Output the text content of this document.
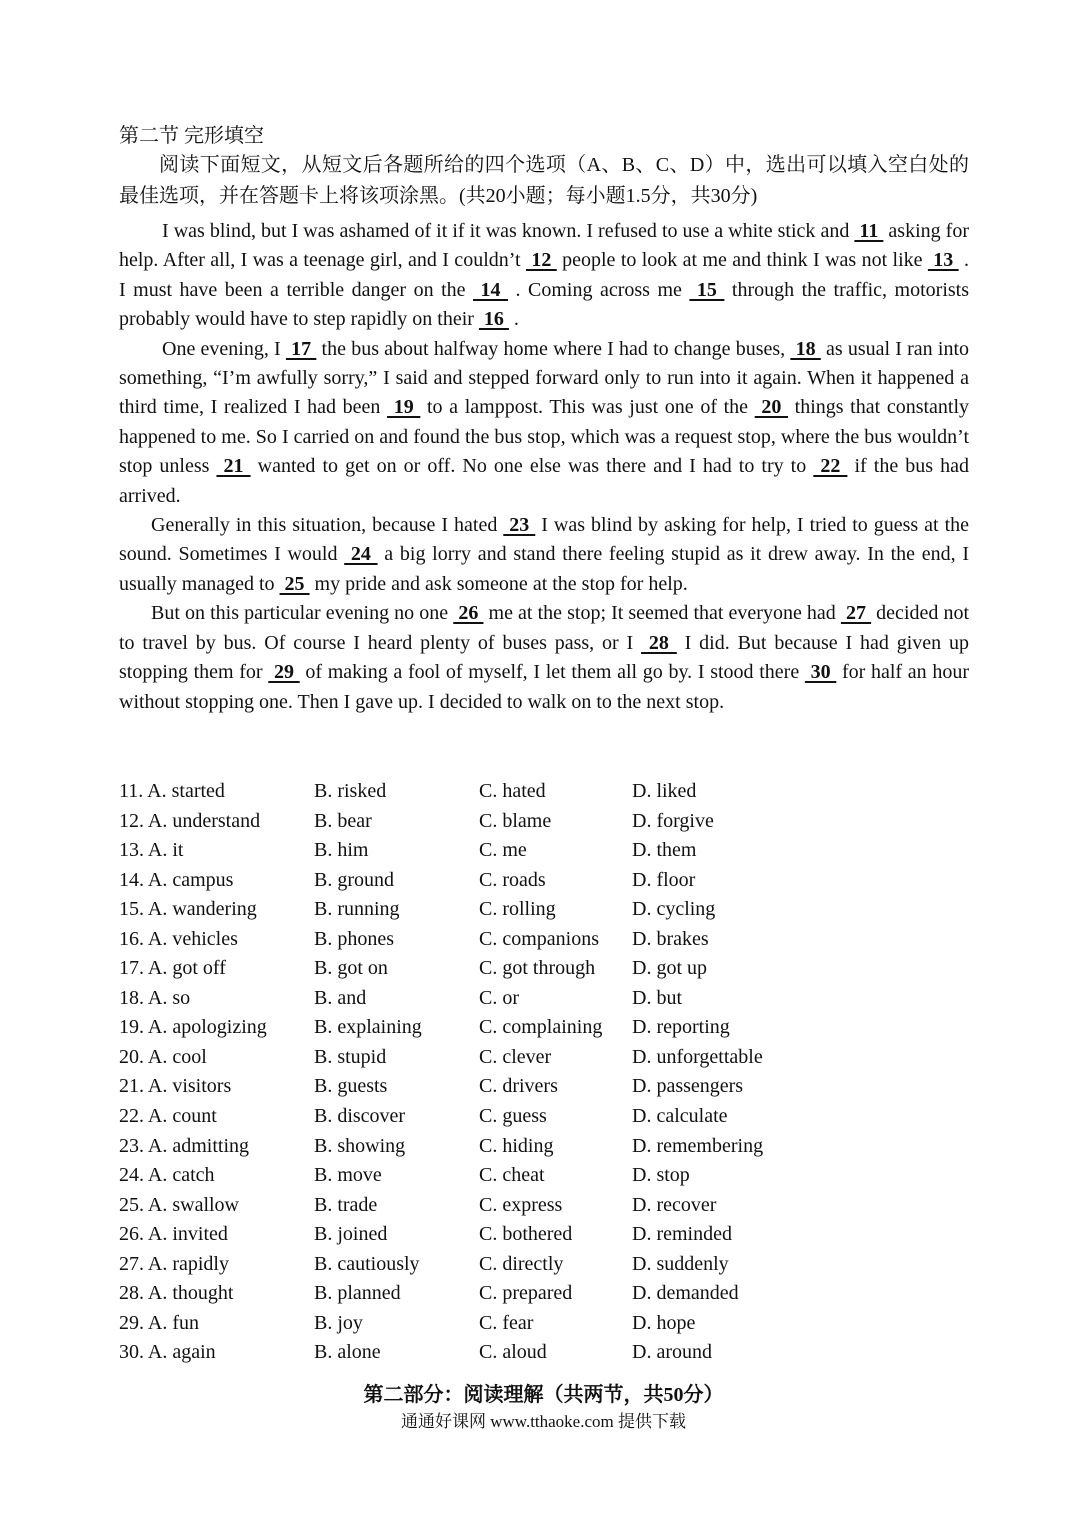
第二节 完形填空
阅读下面短文，从短文后各题所给的四个选项（A、B、C、D）中，选出可以填入空白处的最佳选项，并在答题卡上将该项涂黑。(共20小题；每小题1.5分，共30分)

I was blind, but I was ashamed of it if it was known. I refused to use a white stick and  11  asking for help. After all, I was a teenage girl, and I couldn’t  12  people to look at me and think I was not like  13  . I must have been a terrible danger on the  14  . Coming across me  15  through the traffic, motorists probably would have to step rapidly on their  16  .

One evening, I  17  the bus about halfway home where I had to change buses,  18  as usual I ran into something, “I’m awfully sorry,” I said and stepped forward only to run into it again. When it happened a third time, I realized I had been  19  to a lamppost. This was just one of the  20  things that constantly happened to me. So I carried on and found the bus stop, which was a request stop, where the bus wouldn’t stop unless  21  wanted to get on or off. No one else was there and I had to try to  22  if the bus had arrived.

Generally in this situation, because I hated  23  I was blind by asking for help, I tried to guess at the sound. Sometimes I would  24  a big lorry and stand there feeling stupid as it drew away. In the end, I usually managed to  25  my pride and ask someone at the stop for help.

But on this particular evening no one  26  me at the stop; It seemed that everyone had  27  decided not to travel by bus. Of course I heard plenty of buses pass, or I  28  I did. But because I had given up stopping them for  29  of making a fool of myself, I let them all go by. I stood there  30  for half an hour without stopping one. Then I gave up. I decided to walk on to the next stop.

11. A. started	B. risked	C. hated	D. liked
12. A. understand	B. bear	C. blame	D. forgive
13. A. it	B. him	C. me	D. them
14. A. campus	B. ground	C. roads	D. floor
15. A. wandering	B. running	C. rolling	D. cycling
16. A. vehicles	B. phones	C. companions D. brakes
17. A. got off	B. got on	C. got through D. got up
18. A. so	B. and	C. or	D. but
19. A. apologizing B. explaining	C. complaining D. reporting
20. A. cool	B. stupid	C. clever	D. unforgettable
21. A. visitors	B. guests	C. drivers	D. passengers
22. A. count	B. discover	C. guess	D. calculate
23. A. admitting	B. showing	C. hiding	D. remembering
24. A. catch	B. move	C. cheat	D. stop
25. A. swallow	B. trade	C. express	D. recover
26. A. invited	B. joined	C. bothered	D. reminded
27. A. rapidly	B. cautiously	C. directly	D. suddenly
28. A. thought	B. planned	C. prepared	D. demanded
29. A. fun	B. joy	C. fear	D. hope
30. A. again	B. alone	C. aloud	D. around
第二部分：阅读理解（共两节，共50分）
通通好课网 www.tthaoke.com 提供下载
